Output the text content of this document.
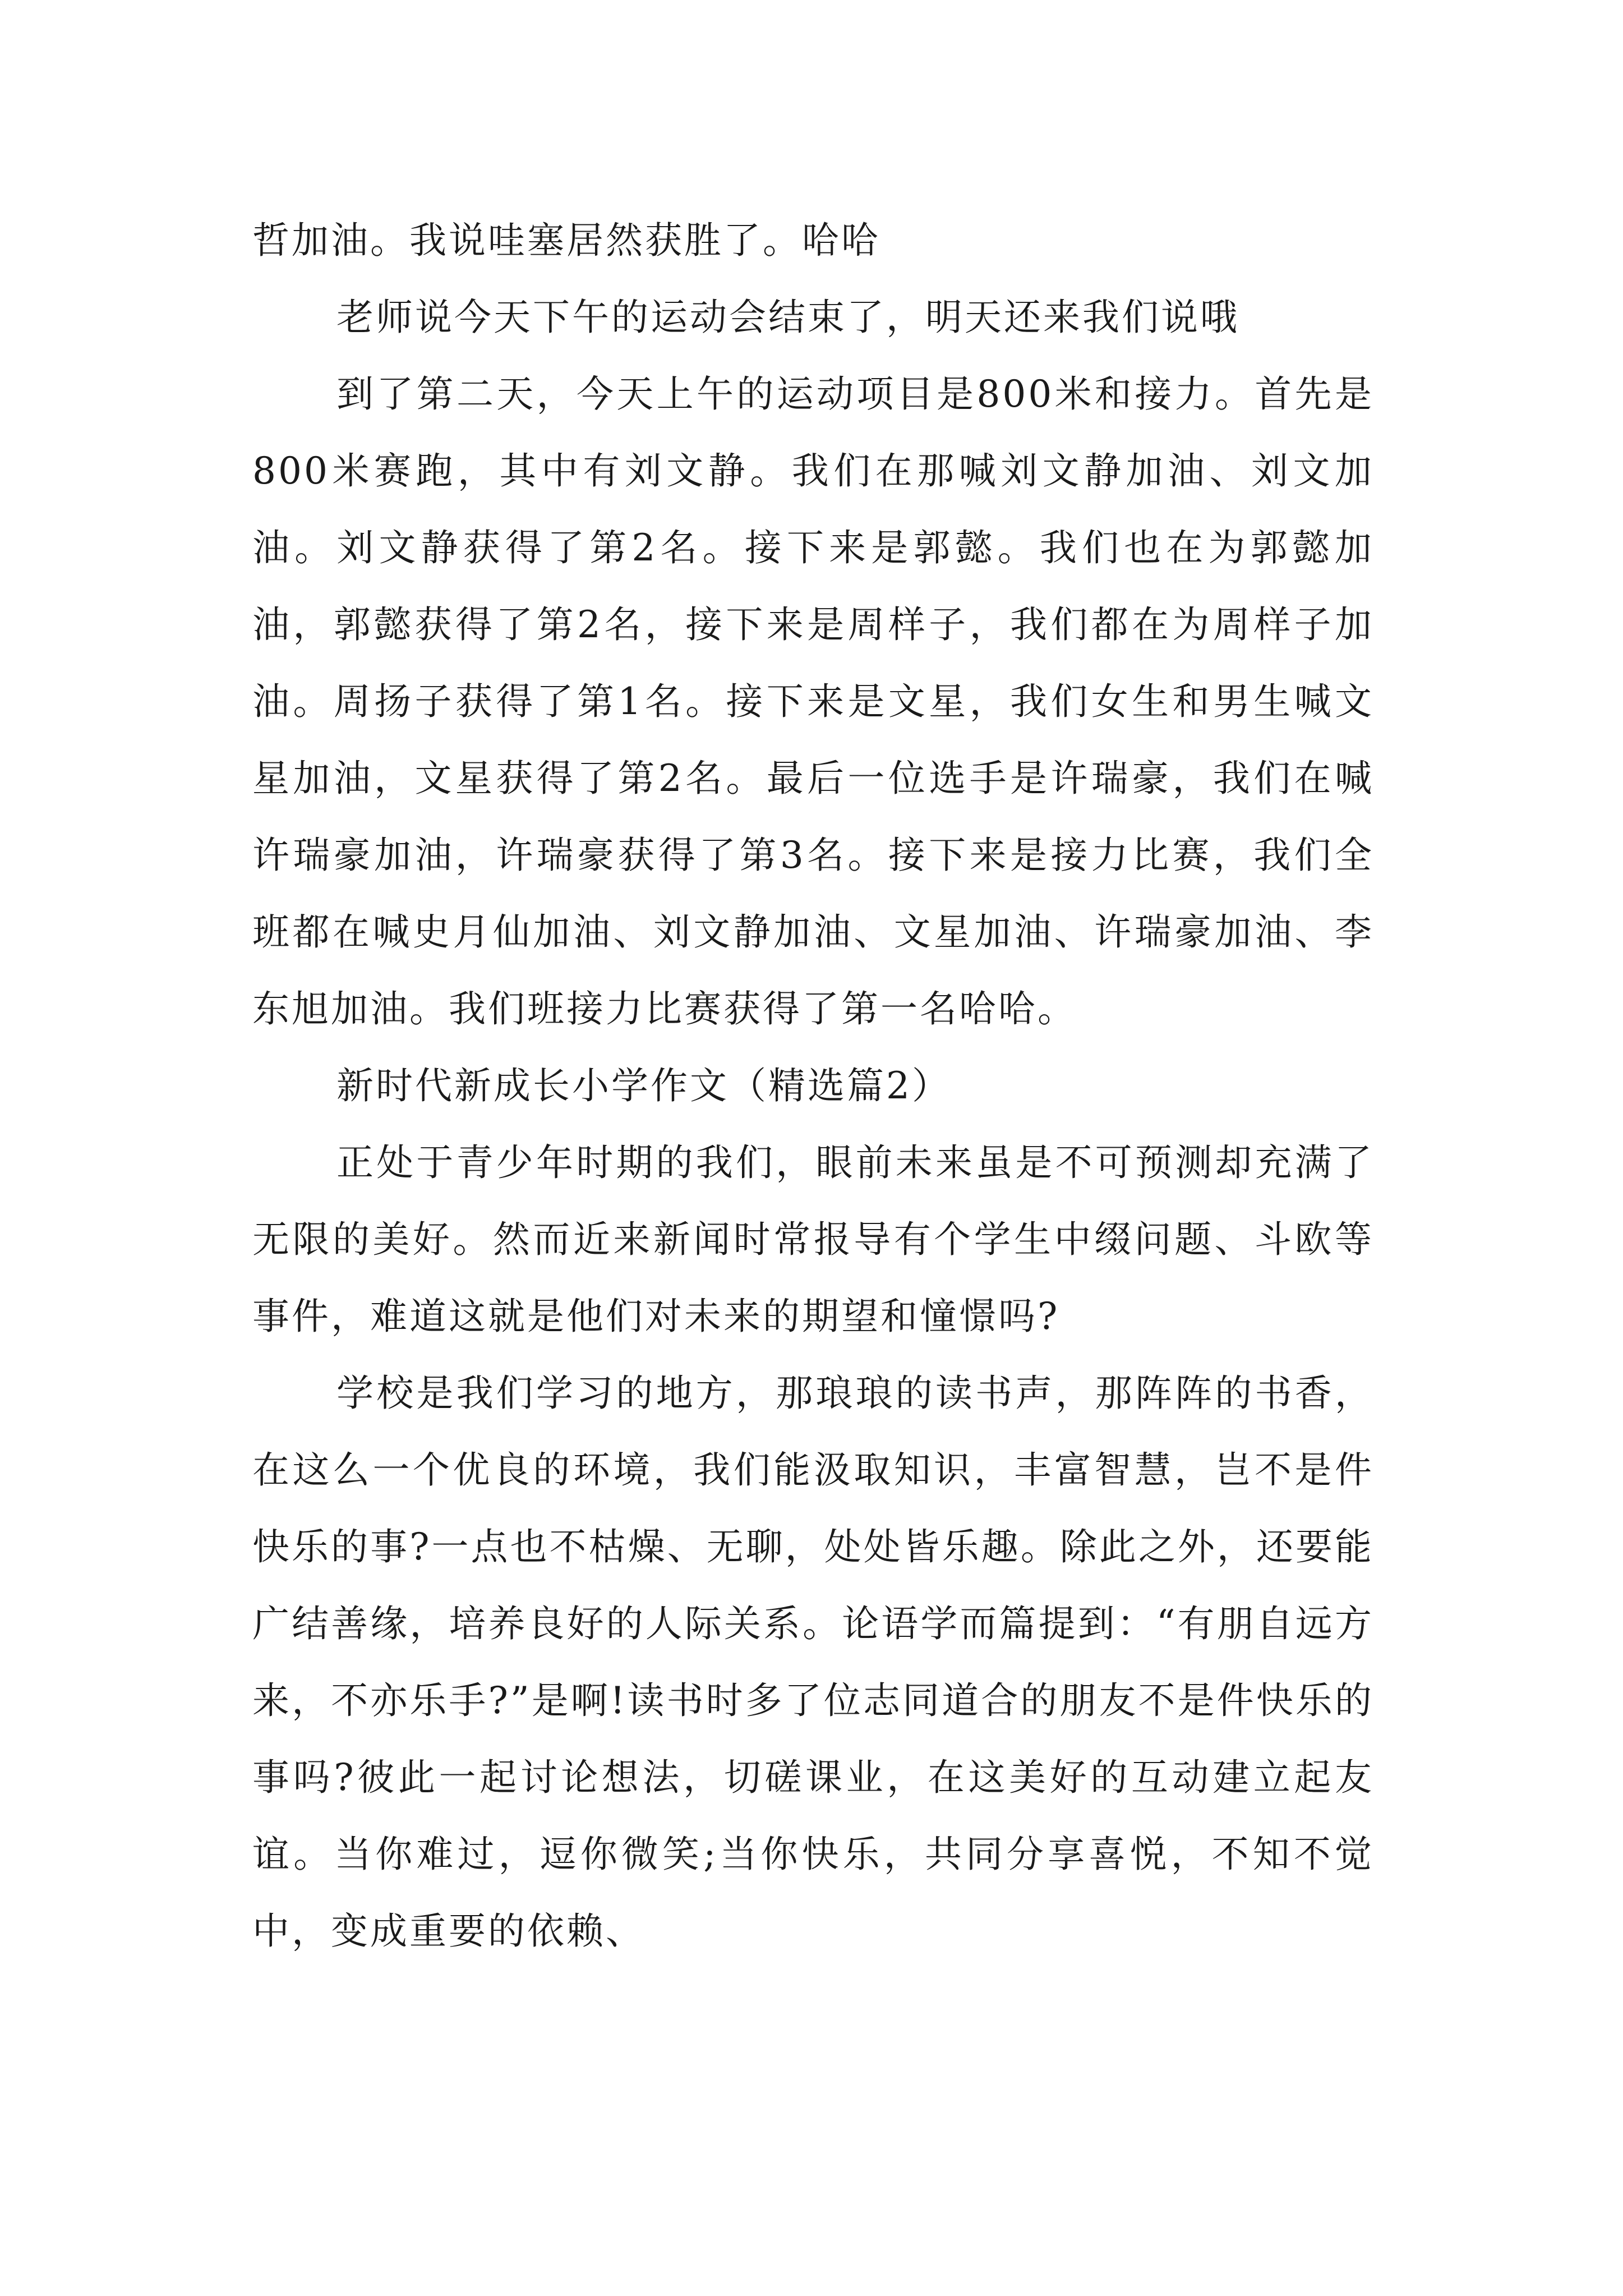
哲加油。我说哇塞居然获胜了。哈哈

老师说今天下午的运动会结束了，明天还来我们说哦

到了第二天，今天上午的运动项目是800米和接力。首先是800米赛跑，其中有刘文静。我们在那喊刘文静加油、刘文加油。刘文静获得了第2名。接下来是郭懿。我们也在为郭懿加油，郭懿获得了第2名，接下来是周样子，我们都在为周样子加油。周扬子获得了第1名。接下来是文星，我们女生和男生喊文星加油，文星获得了第2名。最后一位选手是许瑞豪，我们在喊许瑞豪加油，许瑞豪获得了第3名。接下来是接力比赛，我们全班都在喊史月仙加油、刘文静加油、文星加油、许瑞豪加油、李东旭加油。我们班接力比赛获得了第一名哈哈。

新时代新成长小学作文（精选篇2）

正处于青少年时期的我们，眼前未来虽是不可预测却充满了无限的美好。然而近来新闻时常报导有个学生中缀问题、斗欧等事件，难道这就是他们对未来的期望和憧憬吗?

学校是我们学习的地方，那琅琅的读书声，那阵阵的书香，在这么一个优良的环境，我们能汲取知识，丰富智慧，岂不是件快乐的事?一点也不枯燥、无聊，处处皆乐趣。除此之外，还要能广结善缘，培养良好的人际关系。论语学而篇提到：“有朋自远方来，不亦乐手?”是啊!读书时多了位志同道合的朋友不是件快乐的事吗?彼此一起讨论想法，切磋课业，在这美好的互动建立起友谊。当你难过，逗你微笑;当你快乐，共同分享喜悦，不知不觉中，变成重要的依赖、
